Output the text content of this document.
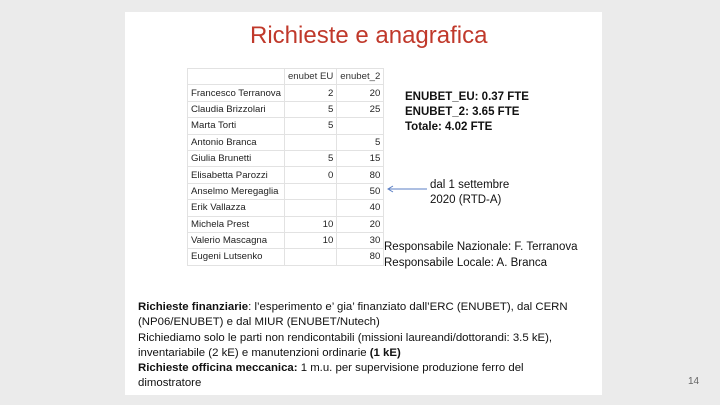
Richieste e anagrafica
	enubet EU	enubet_2
Francesco Terranova	2	20
Claudia Brizzolari	5	25
Marta Torti	5	
Antonio Branca		5
Giulia Brunetti	5	15
Elisabetta Parozzi	0	80
Anselmo Meregaglia		50
Erik Vallazza		40
Michela Prest	10	20
Valerio Mascagna	10	30
Eugeni Lutsenko		80
ENUBET_EU: 0.37 FTE
ENUBET_2: 3.65 FTE
Totale: 4.02 FTE
dal 1 settembre
2020 (RTD-A)
Responsabile Nazionale: F. Terranova
Responsabile Locale: A. Branca

Richieste finanziarie: l’esperimento e’ gia’ finanziato dall’ERC (ENUBET), dal CERN

(NP06/ENUBET) e dal MIUR (ENUBET/Nutech)

Richiediamo solo le parti non rendicontabili (missioni laureandi/dottorandi: 3.5 kE),

inventariabile (2 kE) e manutenzioni ordinarie (1 kE)

Richieste officina meccanica: 1 m.u. per supervisione produzione ferro del

dimostratore	14
